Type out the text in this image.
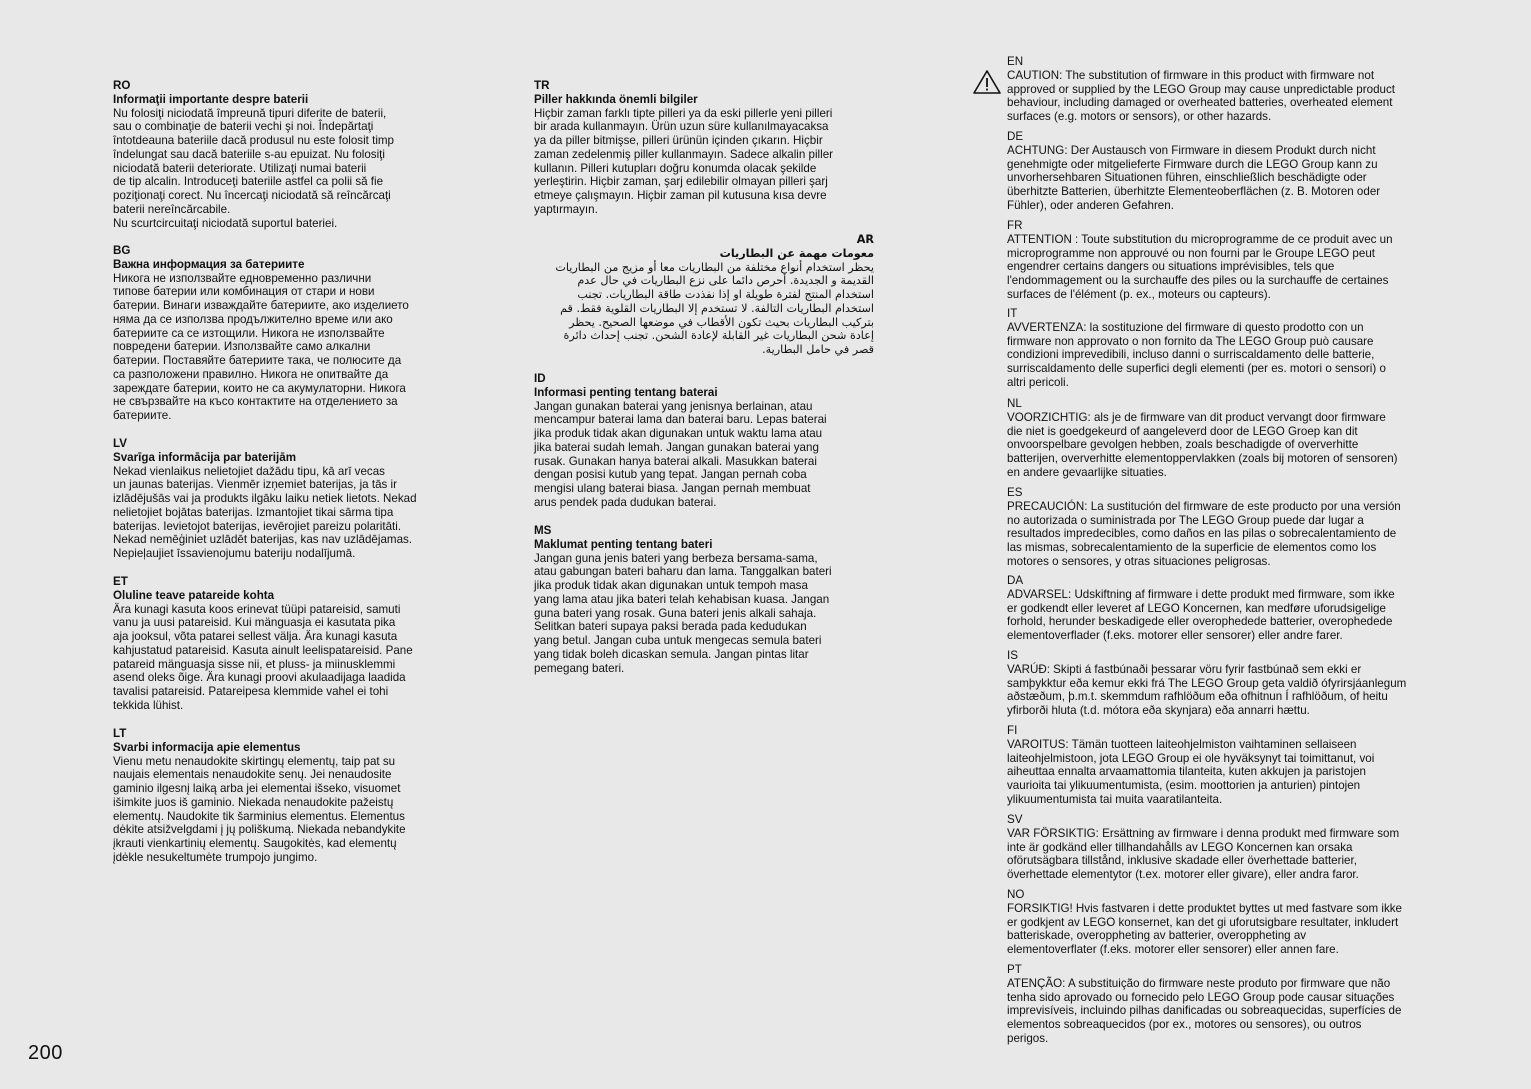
RO
Informaţii importante despre baterii
Nu folosiţi niciodată împreună tipuri diferite de baterii,
sau o combinaţie de baterii vechi şi noi. Îndepărtaţi
întotdeauna bateriile dacă produsul nu este folosit timp
îndelungat sau dacă bateriile s-au epuizat. Nu folosiţi
niciodată baterii deteriorate. Utilizaţi numai baterii
de tip alcalin. Introduceţi bateriile astfel ca polii să fie
poziţionaţi corect. Nu încercaţi niciodată să reîncărcaţi
baterii nereîncărcabile.
Nu scurtcircuitaţi niciodată suportul bateriei.
BG
Важна информация за батериите
Никога не използвайте едновременно различни
типове батерии или комбинация от стари и нови
батерии. Винаги изваждайте батериите, ако изделието
няма да се използва продължително време или ако
батериите са се изтощили. Никога не използвайте
повредени батерии. Използвайте само алкални
батерии. Поставяйте батериите така, че полюсите да
са разположени правилно. Никога не опитвайте да
зареждате батерии, които не са акумулаторни. Никога
не свързвайте на късо контактите на отделението за
батериите.
LV
Svarīga informācija par baterijām
Nekad vienlaikus nelietojiet dažādu tipu, kā arī vecas
un jaunas baterijas. Vienmēr izņemiet baterijas, ja tās ir
izlādējušās vai ja produkts ilgāku laiku netiek lietots. Nekad
nelietojiet bojātas baterijas. Izmantojiet tikai sārma tipa
baterijas. Ievietojot baterijas, ievērojiet pareizu polaritāti.
Nekad nemēģiniet uzlādēt baterijas, kas nav uzlādējamas.
Nepieļaujiet īssavienojumu bateriju nodalījumā.
ET
Oluline teave patareide kohta
Ära kunagi kasuta koos erinevat tüüpi patareisid, samuti
vanu ja uusi patareisid. Kui mänguasja ei kasutata pika
aja jooksul, võta patarei sellest välja. Ära kunagi kasuta
kahjustatud patareisid. Kasuta ainult leelispatareisid. Pane
patareid mänguasja sisse nii, et pluss- ja miinusklemmi
asend oleks õige. Ära kunagi proovi akulaadijaga laadida
tavalisi patareisid. Patareipesa klemmide vahel ei tohi
tekkida lühist.
LT
Svarbi informacija apie elementus
Vienu metu nenaudokite skirtingų elementų, taip pat su
naujais elementais nenaudokite senų. Jei nenaudosite
gaminio ilgesnį laiką arba jei elementai išseko, visuomet
išimkite juos iš gaminio. Niekada nenaudokite pažeistų
elementų. Naudokite tik šarminius elementus. Elementus
dėkite atsižvelgdami į jų poliškumą. Niekada nebandykite
įkrauti vienkartinių elementų. Saugokitės, kad elementų
įdėkle nesukeltumėte trumpojo jungimo.
TR
Piller hakkında önemli bilgiler
Hiçbir zaman farklı tipte pilleri ya da eski pillerle yeni pilleri
bir arada kullanmayın. Ürün uzun süre kullanılmayacaksa
ya da piller bitmişse, pilleri ürünün içinden çıkarın. Hiçbir
zaman zedelenmiş piller kullanmayın. Sadece alkalin piller
kullanın. Pilleri kutupları doğru konumda olacak şekilde
yerleştirin. Hiçbir zaman, şarj edilebilir olmayan pilleri şarj
etmeye çalışmayın. Hiçbir zaman pil kutusuna kısa devre
yaptırmayın.
AR
معومات مهمة عن البطاريات
يحظر استخدام أنواع مختلفة من البطاريات معا أو مزيج من البطاريات
القديمة و الجديدة. أحرص دائما على نزع البطاريات في حال عدم
استخدام المنتج لفترة طويلة او إذا نفذدت طاقة البطاريات. تجنب
استخدام البطاريات التالفة. لا تستخدم إلا البطاريات القلوية فقط. قم
بتركيب البطاريات بحيث تكون الأقطاب في موضعها الصحيح. يحظر
إعادة شحن البطاريات غير القابلة لإعادة الشحن. تجنب إحداث دائرة
قصر في حامل البطارية.
ID
Informasi penting tentang baterai
Jangan gunakan baterai yang jenisnya berlainan, atau
mencampur baterai lama dan baterai baru. Lepas baterai
jika produk tidak akan digunakan untuk waktu lama atau
jika baterai sudah lemah. Jangan gunakan baterai yang
rusak. Gunakan hanya baterai alkali. Masukkan baterai
dengan posisi kutub yang tepat. Jangan pernah coba
mengisi ulang baterai biasa. Jangan pernah membuat
arus pendek pada dudukan baterai.
MS
Maklumat penting tentang bateri
Jangan guna jenis bateri yang berbeza bersama-sama,
atau gabungan bateri baharu dan lama. Tanggalkan bateri
jika produk tidak akan digunakan untuk tempoh masa
yang lama atau jika bateri telah kehabisan kuasa. Jangan
guna bateri yang rosak. Guna bateri jenis alkali sahaja.
Selitkan bateri supaya paksi berada pada kedudukan
yang betul. Jangan cuba untuk mengecas semula bateri
yang tidak boleh dicaskan semula. Jangan pintas litar
pemegang bateri.
EN
CAUTION: The substitution of firmware in this product with firmware not
approved or supplied by the LEGO Group may cause unpredictable product
behaviour, including damaged or overheated batteries, overheated element
surfaces (e.g. motors or sensors), or other hazards.
DE
ACHTUNG: Der Austausch von Firmware in diesem Produkt durch nicht
genehmigte oder mitgelieferte Firmware durch die LEGO Group kann zu
unvorhersehbaren Situationen führen, einschließlich beschädigte oder
überhitzte Batterien, überhitzte Elementeoberflächen (z. B. Motoren oder
Fühler), oder anderen Gefahren.
FR
ATTENTION : Toute substitution du microprogramme de ce produit avec un
microprogramme non approuvé ou non fourni par le Groupe LEGO peut
engendrer certains dangers ou situations imprévisibles, tels que
l'endommagement ou la surchauffe des piles ou la surchauffe de certaines
surfaces de l'élément (p. ex., moteurs ou capteurs).
IT
AVVERTENZA: la sostituzione del firmware di questo prodotto con un
firmware non approvato o non fornito da The LEGO Group può causare
condizioni imprevedibili, incluso danni o surriscaldamento delle batterie,
surriscaldamento delle superfici degli elementi (per es. motori o sensori) o
altri pericoli.
NL
VOORZICHTIG: als je de firmware van dit product vervangt door firmware
die niet is goedgekeurd of aangeleverd door de LEGO Groep kan dit
onvoorspelbare gevolgen hebben, zoals beschadigde of oververhitte
batterijen, oververhitte elementoppervlakken (zoals bij motoren of sensoren)
en andere gevaarlijke situaties.
ES
PRECAUCIÓN: La sustitución del firmware de este producto por una versión
no autorizada o suministrada por The LEGO Group puede dar lugar a
resultados impredecibles, como daños en las pilas o sobrecalentamiento de
las mismas, sobrecalentamiento de la superficie de elementos como los
motores o sensores, y otras situaciones peligrosas.
DA
ADVARSEL: Udskiftning af firmware i dette produkt med firmware, som ikke
er godkendt eller leveret af LEGO Koncernen, kan medføre uforudsigelige
forhold, herunder beskadigede eller overophedede batterier, overophedede
elementoverflader (f.eks. motorer eller sensorer) eller andre farer.
IS
VARÚÐ: Skipti á fastbúnaði þessarar vöru fyrir fastbúnað sem ekki er
samþykktur eða kemur ekki frá The LEGO Group geta valdið ófyrirsjáanlegum
aðstæðum, þ.m.t. skemmdum rafhlöðum eða ofhitnun Í rafhlöðum, of heitu
yfirborði hluta (t.d. mótora eða skynjara) eða annarri hættu.
FI
VAROITUS: Tämän tuotteen laiteohjelmiston vaihtaminen sellaiseen
laiteohjelmistoon, jota LEGO Group ei ole hyväksynyt tai toimittanut, voi
aiheuttaa ennalta arvaamattomia tilanteita, kuten akkujen ja paristojen
vaurioita tai ylikuumentumista, (esim. moottorien ja anturien) pintojen
ylikuumentumista tai muita vaaratilanteita.
SV
VAR FÖRSIKTIG: Ersättning av firmware i denna produkt med firmware som
inte är godkänd eller tillhandahålls av LEGO Koncernen kan orsaka
oförutsägbara tillstånd, inklusive skadade eller överhettade batterier,
överhettade elementytor (t.ex. motorer eller givare), eller andra faror.
NO
FORSIKTIG! Hvis fastvaren i dette produktet byttes ut med fastvare som ikke
er godkjent av LEGO konsernet, kan det gi uforutsigbare resultater, inkludert
batteriskade, overoppheting av batterier, overoppheting av
elementoverflater (f.eks. motorer eller sensorer) eller annen fare.
PT
ATENÇÃO: A substituição do firmware neste produto por firmware que não
tenha sido aprovado ou fornecido pelo LEGO Group pode causar situações
imprevisíveis, incluindo pilhas danificadas ou sobreaquecidas, superfícies de
elementos sobreaquecidos (por ex., motores ou sensores), ou outros
perigos.
200
